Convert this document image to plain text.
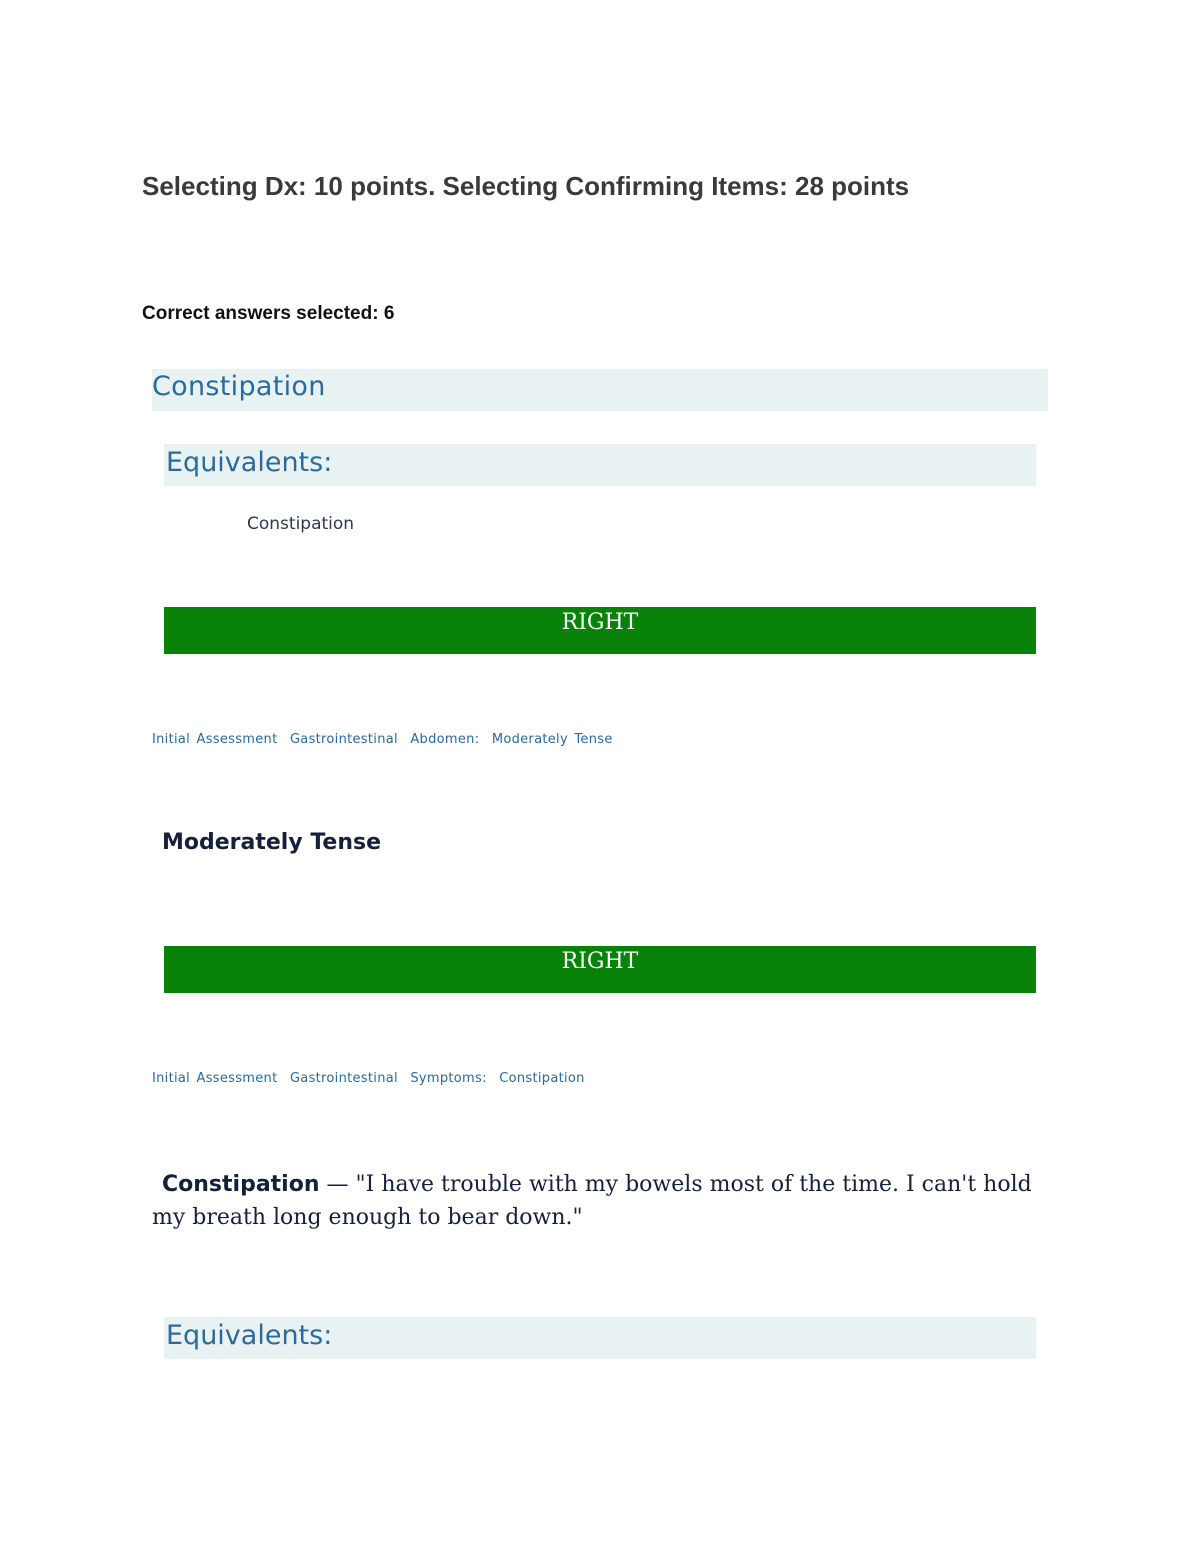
Selecting Dx: 10 points. Selecting Confirming Items: 28 points
Correct answers selected: 6
Constipation
Equivalents:
Constipation
RIGHT
Initial Assessment Gastrointestinal Abdomen: Moderately Tense
Moderately Tense
RIGHT
Initial Assessment Gastrointestinal Symptoms: Constipation
Constipation — "I have trouble with my bowels most of the time. I can't hold my breath long enough to bear down."
Equivalents:
